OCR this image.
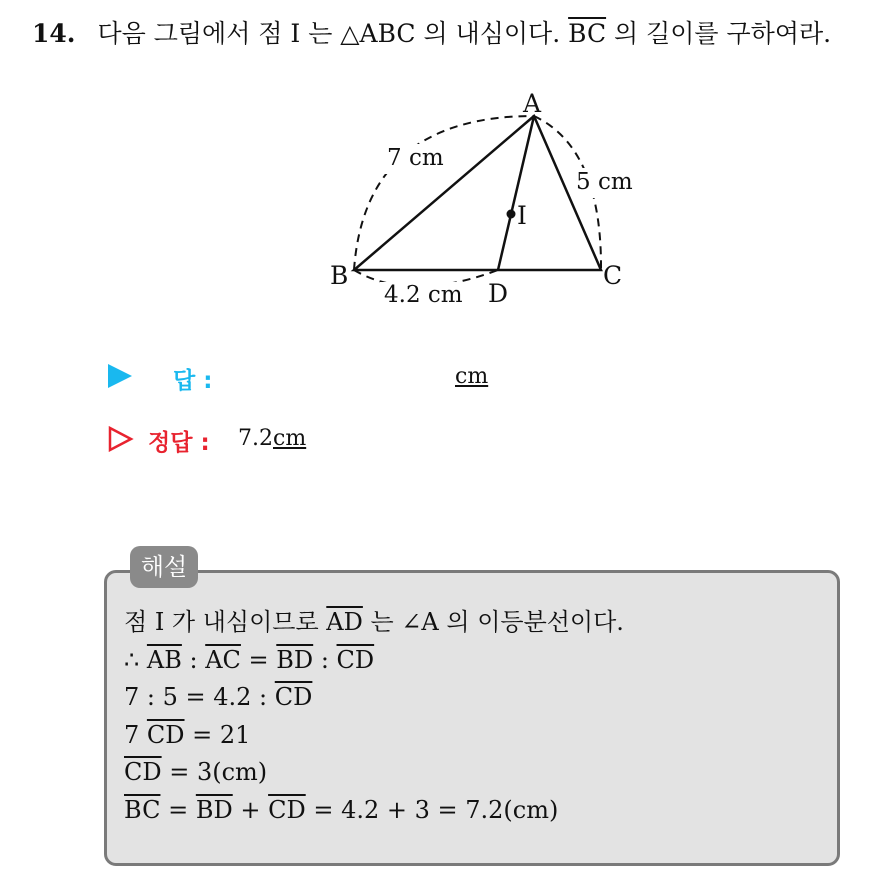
14. 다음 그림에서 점 I 는 △ABC 의 내심이다. $\overline{BC}$ 의 길이를 구하여라.
A
B	C
D
I
7 cm
5 cm
4.2 cm
답 :	cm
정답 : 7.2cm
해설
점 I 가 내심이므로 $\overline{AD}$ 는 ∠A 의 이등분선이다.
∴ $\overline{AB}$ : $\overline{AC} = \overline{BD}$ : $\overline{CD}$
7 : 5 = 4.2 : $\overline{CD}$
7 $\overline{CD} = 21$
$\overline{CD} = 3(cm)$
$\overline{BC} = \overline{BD} + \overline{CD} = 4.2 + 3 = 7.2(cm)$
